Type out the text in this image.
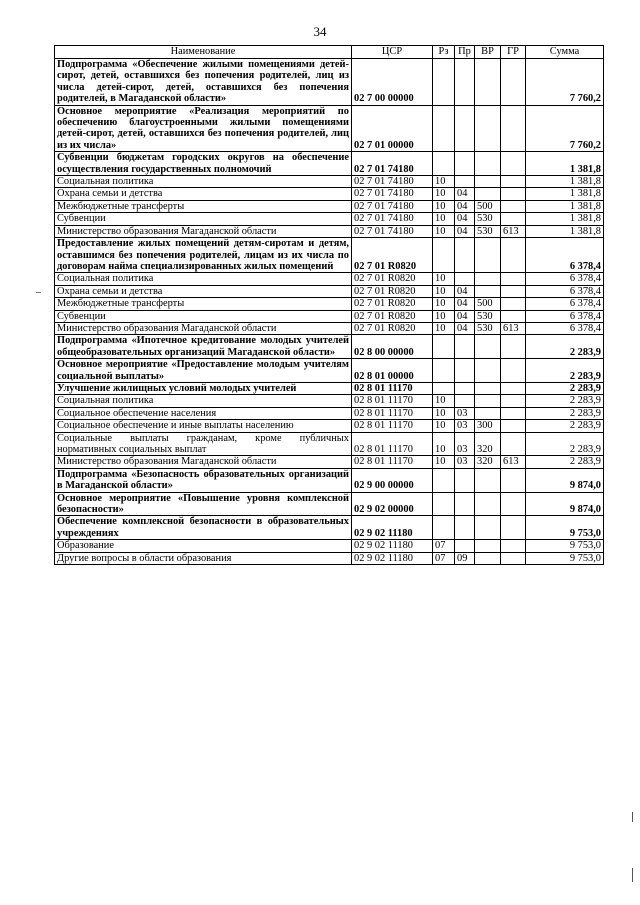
34
Наименование	ЦСР	Рз	Пр	ВР	ГР	Сумма
Подпрограмма «Обеспечение жилыми помещениями детей-сирот, детей, оставшихся без попечения родителей, лиц из числа детей-сирот, детей, оставшихся без попечения родителей, в Магаданской области»	02 7 00 00000					7 760,2
Основное мероприятие «Реализация мероприятий по обеспечению благоустроенными жилыми помещениями детей-сирот, детей, оставшихся без попечения родителей, лиц из их числа»	02 7 01 00000					7 760,2
Субвенции бюджетам городских округов на обеспечение осуществления государственных полномочий	02 7 01 74180					1 381,8
Социальная политика	02 7 01 74180	10				1 381,8
Охрана семьи и детства	02 7 01 74180	10	04			1 381,8
Межбюджетные трансферты	02 7 01 74180	10	04	500		1 381,8
Субвенции	02 7 01 74180	10	04	530		1 381,8
Министерство образования Магаданской области	02 7 01 74180	10	04	530	613	1 381,8
Предоставление жилых помещений детям-сиротам и детям, оставшимся без попечения родителей, лицам из их числа по договорам найма специализированных жилых помещений	02 7 01 R0820					6 378,4
Социальная политика	02 7 01 R0820	10				6 378,4
Охрана семьи и детства	02 7 01 R0820	10	04			6 378,4
Межбюджетные трансферты	02 7 01 R0820	10	04	500		6 378,4
Субвенции	02 7 01 R0820	10	04	530		6 378,4
Министерство образования Магаданской области	02 7 01 R0820	10	04	530	613	6 378,4
Подпрограмма «Ипотечное кредитование молодых учителей общеобразовательных организаций Магаданской области»	02 8 00 00000					2 283,9
Основное мероприятие «Предоставление молодым учителям социальной выплаты»	02 8 01 00000					2 283,9
Улучшение жилищных условий молодых учителей	02 8 01 11170					2 283,9
Социальная политика	02 8 01 11170	10				2 283,9
Социальное обеспечение населения	02 8 01 11170	10	03			2 283,9
Социальное обеспечение и иные выплаты населению	02 8 01 11170	10	03	300		2 283,9
Социальные выплаты гражданам, кроме публичных нормативных социальных выплат	02 8 01 11170	10	03	320		2 283,9
Министерство образования Магаданской области	02 8 01 11170	10	03	320	613	2 283,9
Подпрограмма «Безопасность образовательных организаций в Магаданской области»	02 9 00 00000					9 874,0
Основное мероприятие «Повышение уровня комплексной безопасности»	02 9 02 00000					9 874,0
Обеспечение комплексной безопасности в образовательных учреждениях	02 9 02 11180					9 753,0
Образование	02 9 02 11180	07				9 753,0
Другие вопросы в области образования	02 9 02 11180	07	09			9 753,0
